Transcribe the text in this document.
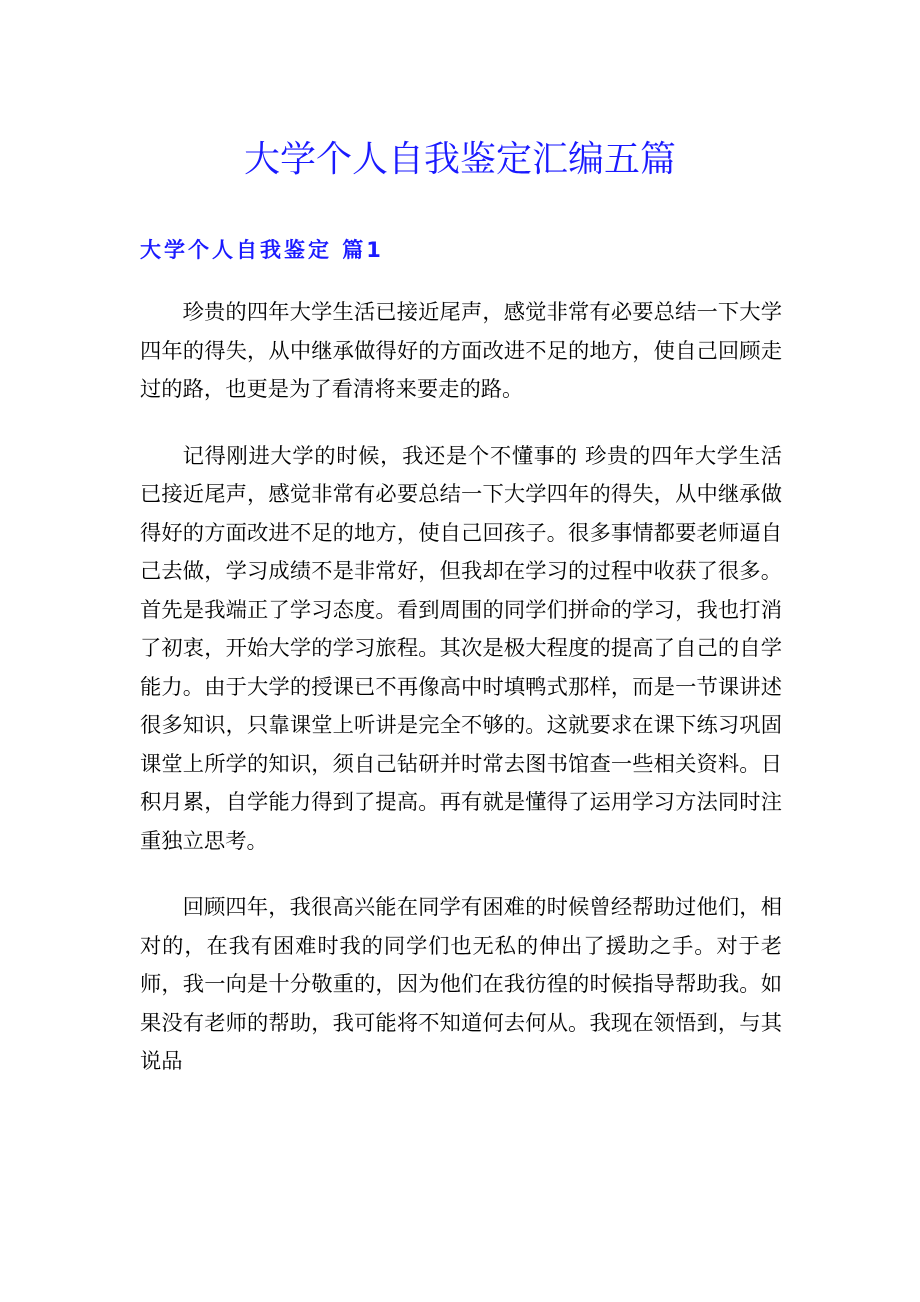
大学个人自我鉴定汇编五篇
大学个人自我鉴定 篇1

珍贵的四年大学生活已接近尾声，感觉非常有必要总结一下大学四年的得失，从中继承做得好的方面改进不足的地方，使自己回顾走过的路，也更是为了看清将来要走的路。

记得刚进大学的时候，我还是个不懂事的 珍贵的四年大学生活已接近尾声，感觉非常有必要总结一下大学四年的得失，从中继承做得好的方面改进不足的地方，使自己回孩子。很多事情都要老师逼自己去做，学习成绩不是非常好，但我却在学习的过程中收获了很多。首先是我端正了学习态度。看到周围的同学们拼命的学习，我也打消了初衷，开始大学的学习旅程。其次是极大程度的提高了自己的自学能力。由于大学的授课已不再像高中时填鸭式那样，而是一节课讲述很多知识，只靠课堂上听讲是完全不够的。这就要求在课下练习巩固课堂上所学的知识，须自己钻研并时常去图书馆查一些相关资料。日积月累，自学能力得到了提高。再有就是懂得了运用学习方法同时注重独立思考。

回顾四年，我很高兴能在同学有困难的时候曾经帮助过他们，相对的，在我有困难时我的同学们也无私的伸出了援助之手。对于老师，我一向是十分敬重的，因为他们在我彷徨的时候指导帮助我。如果没有老师的帮助，我可能将不知道何去何从。我现在领悟到，与其说品
